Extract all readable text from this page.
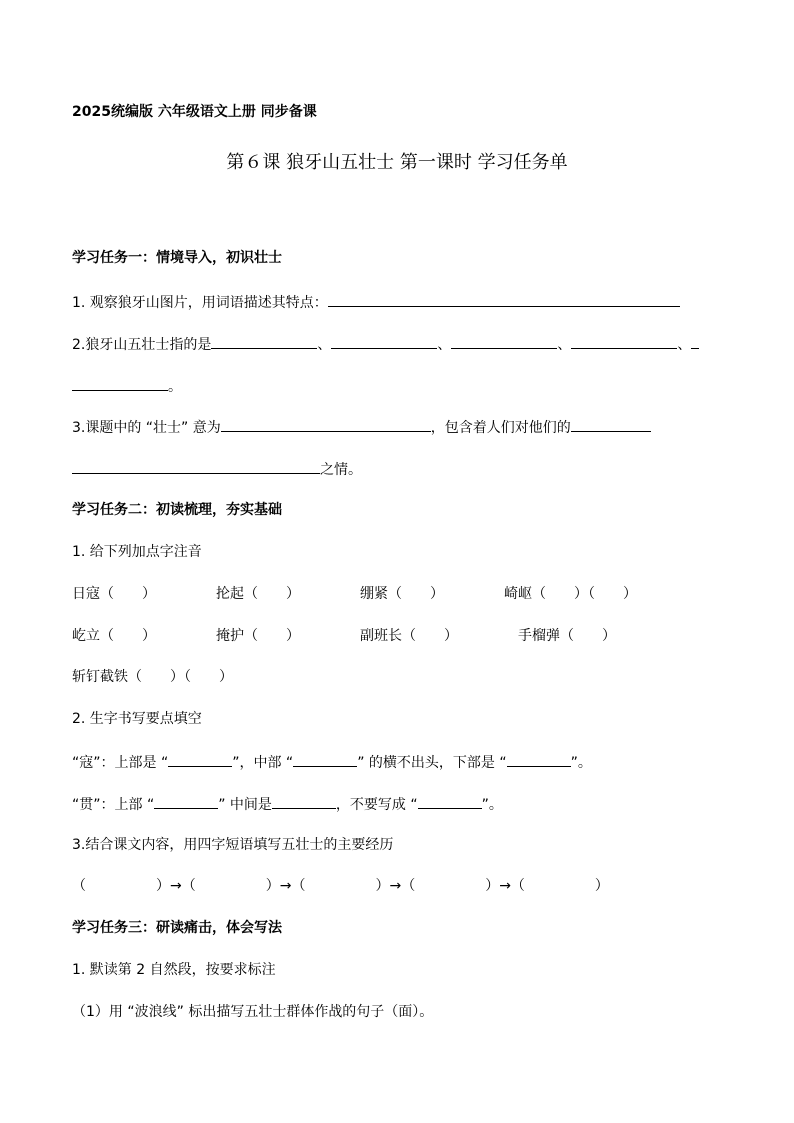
2025统编版 六年级语文上册 同步备课
第６课 狼牙山五壮士 第一课时 学习任务单
学习任务一：情境导入，初识壮士
1. 观察狼牙山图片，用词语描述其特点：
2.狼牙山五壮士指的是	、	、	、	、
。
3.课题中的 “壮士” 意为	，包含着人们对他们的
之情。
学习任务二：初读梳理，夯实基础
1. 给下列加点字注音
日寇（　　）	抡起（　　）	绷紧（　　）	崎岖（　　）（　　）
屹立（　　）	掩护（　　）	副班长（　　）	手榴弹（　　）
斩钉截铁（　　）（　　）
2. 生字书写要点填空
“寇”：上部是 “	”，中部 “	” 的横不出头，下部是 “	”。
“贯”：上部 “	” 中间是	，不要写成 “	”。
3.结合课文内容，用四字短语填写五壮士的主要经历
（　　　　　）→（　　　　　）→（　　　　　）→（　　　　　）→（　　　　　）
学习任务三：研读痛击，体会写法
1. 默读第 2 自然段，按要求标注
（1）用 “波浪线” 标出描写五壮士群体作战的句子（面）。
